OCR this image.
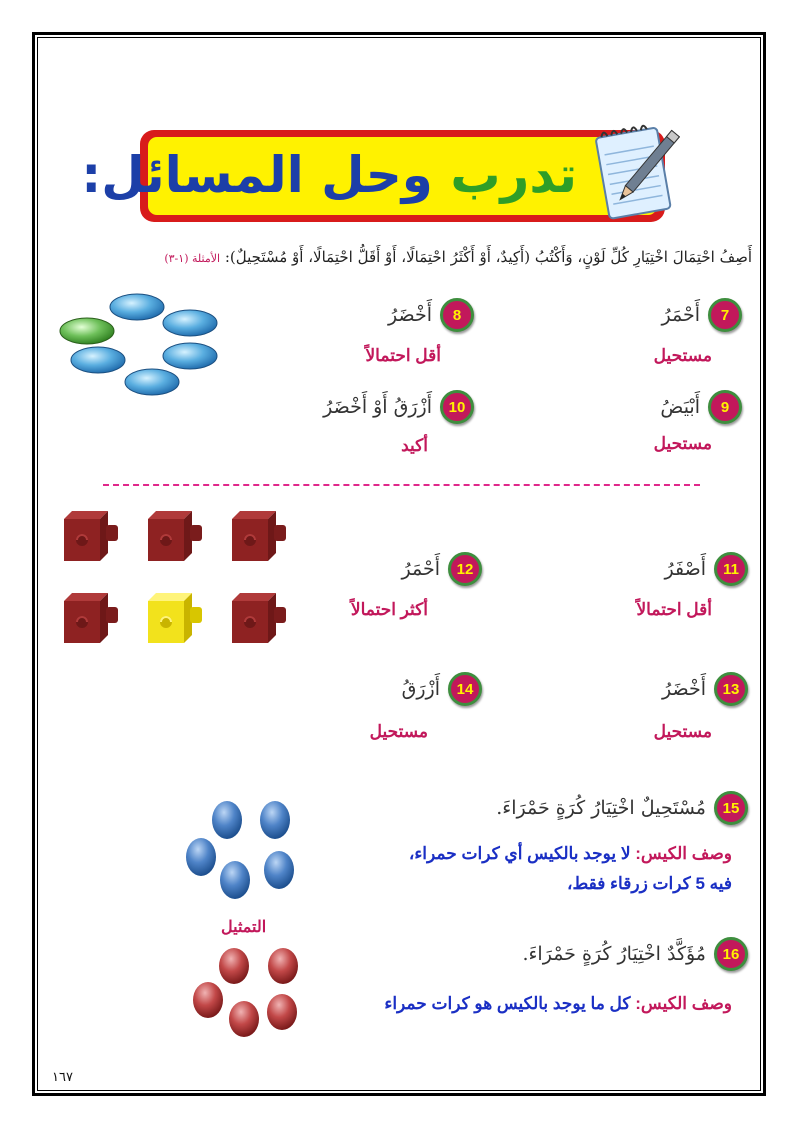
تدرب وحل المسائل:
أَصِفُ احْتِمَالَ اخْتِيَارِ كُلِّ لَوْنٍ، وَأَكْتُبُ (أَكِيدٌ، أَوْ أَكْثَرُ احْتِمَالًا، أَوْ أَقَلُّ احْتِمَالًا، أَوْ مُسْتَحِيلٌ): الأمثلة (١-٣)
7
أَحْمَرُ
مستحيل
8
أَخْضَرُ
أقل احتمالاً
9
أَبْيَضُ
مستحيل
10
أَزْرَقُ أَوْ أَخْضَرُ
أكيد
11
أَصْفَرُ
أقل احتمالاً
12
أَحْمَرُ
أكثر احتمالاً
13
أَخْضَرُ
مستحيل
14
أَزْرَقُ
مستحيل
15
مُسْتَحِيلٌ اخْتِيَارُ كُرَةٍ حَمْرَاءَ.
وصف الكيس: لا يوجد بالكيس أي كرات حمراء،
فيه 5 كرات زرقاء فقط،
التمثيل
16
مُؤَكَّدٌ اخْتِيَارُ كُرَةٍ حَمْرَاءَ.
وصف الكيس: كل ما يوجد بالكيس هو كرات حمراء
١٦٧
